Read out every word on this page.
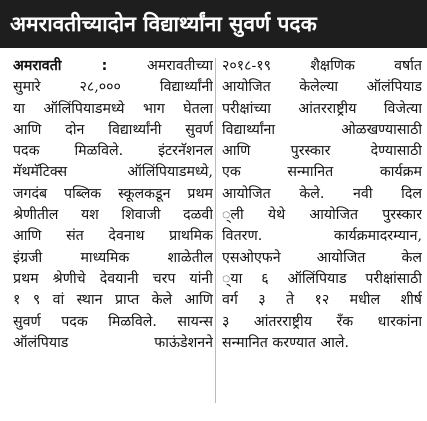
अमरावतीच्यादोन विद्यार्थ्यांना सुवर्ण पदक
अमरावती : अमरावतीच्या
सुमारे २८,००० विद्यार्थ्यांनी
या ऑलिंपियाडमध्ये भाग घेतला
आणि दोन विद्यार्थ्यांनी सुवर्ण
पदक मिळविले. इंटरनॅशनल
मॅथमॅटिक्स ऑलिंपियाडमध्ये,
जगदंब पब्लिक स्कूलकडून प्रथम
श्रेणीतील यश शिवाजी दळवी
आणि संत देवनाथ प्राथमिक
इंग्रजी माध्यमिक शाळेतील
प्रथम श्रेणीचे देवयानी चरप यांनी
१ ९ वां स्थान प्राप्त केले आणि
सुवर्ण पदक मिळविले. सायन्स
ऑलंपियाड फाऊंडेशनने
२०१८-१९ शैक्षणिक वर्षात
आयोजित केलेल्या ऑलंपियाड
परीक्षांच्या आंतरराष्ट्रीय विजेत्या
विद्यार्थ्यांना ओळखण्यासाठी
आणि पुरस्कार देण्यासाठी
एक सन्मानित कार्यक्रम
आयोजित केले. नवी दिल
्ली येथे आयोजित पुरस्कार
वितरण. कार्यक्रमादरम्यान,
एसओएफने आयोजित केल
्या ६ ऑलिंपियाड परीक्षांसाठी
वर्ग ३ ते १२ मधील शीर्ष
३ आंतरराष्ट्रीय रँक धारकांना
सन्मानित करण्यात आले.
